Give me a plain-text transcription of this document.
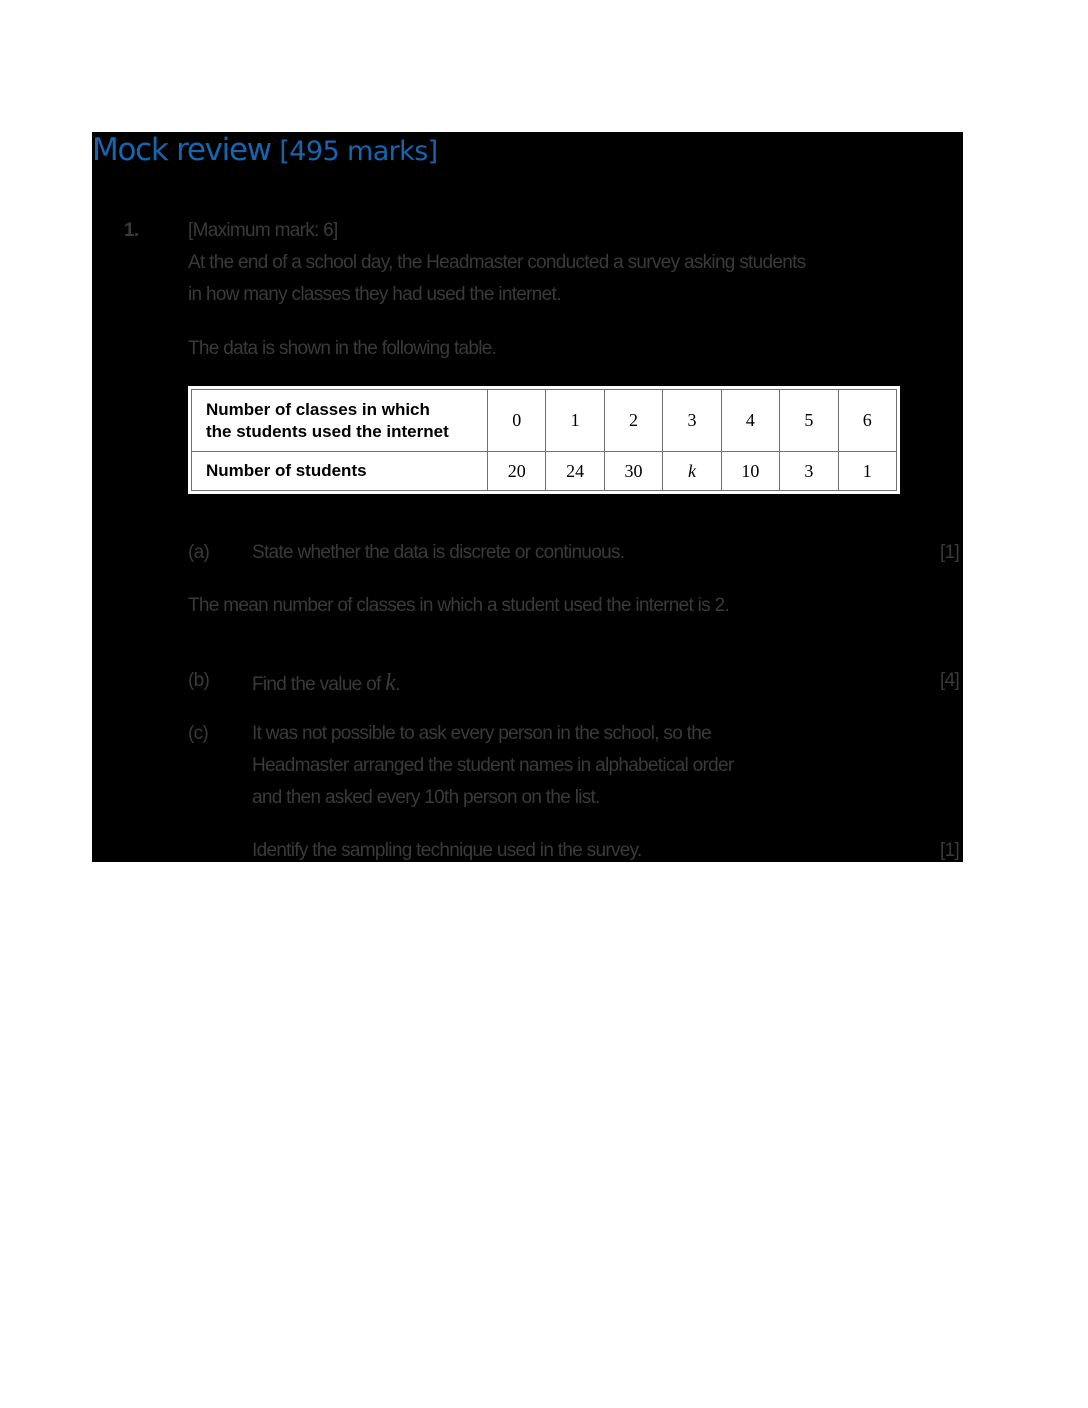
Mock review [495 marks]
1.	[Maximum mark: 6]
At the end of a school day, the Headmaster conducted a survey asking students
in how many classes they had used the internet.
The data is shown in the following table.
Number of classes in which
the students used the internet	0	1	2	3	4	5	6
Number of students	20	24	30	k	10	3	1
(a) State whether the data is discrete or continuous.	[1]
The mean number of classes in which a student used the internet is 2.
(b) Find the value of k.	[4]
(c) It was not possible to ask every person in the school, so the
Headmaster arranged the student names in alphabetical order
and then asked every 10th person on the list.
Identify the sampling technique used in the survey.	[1]
